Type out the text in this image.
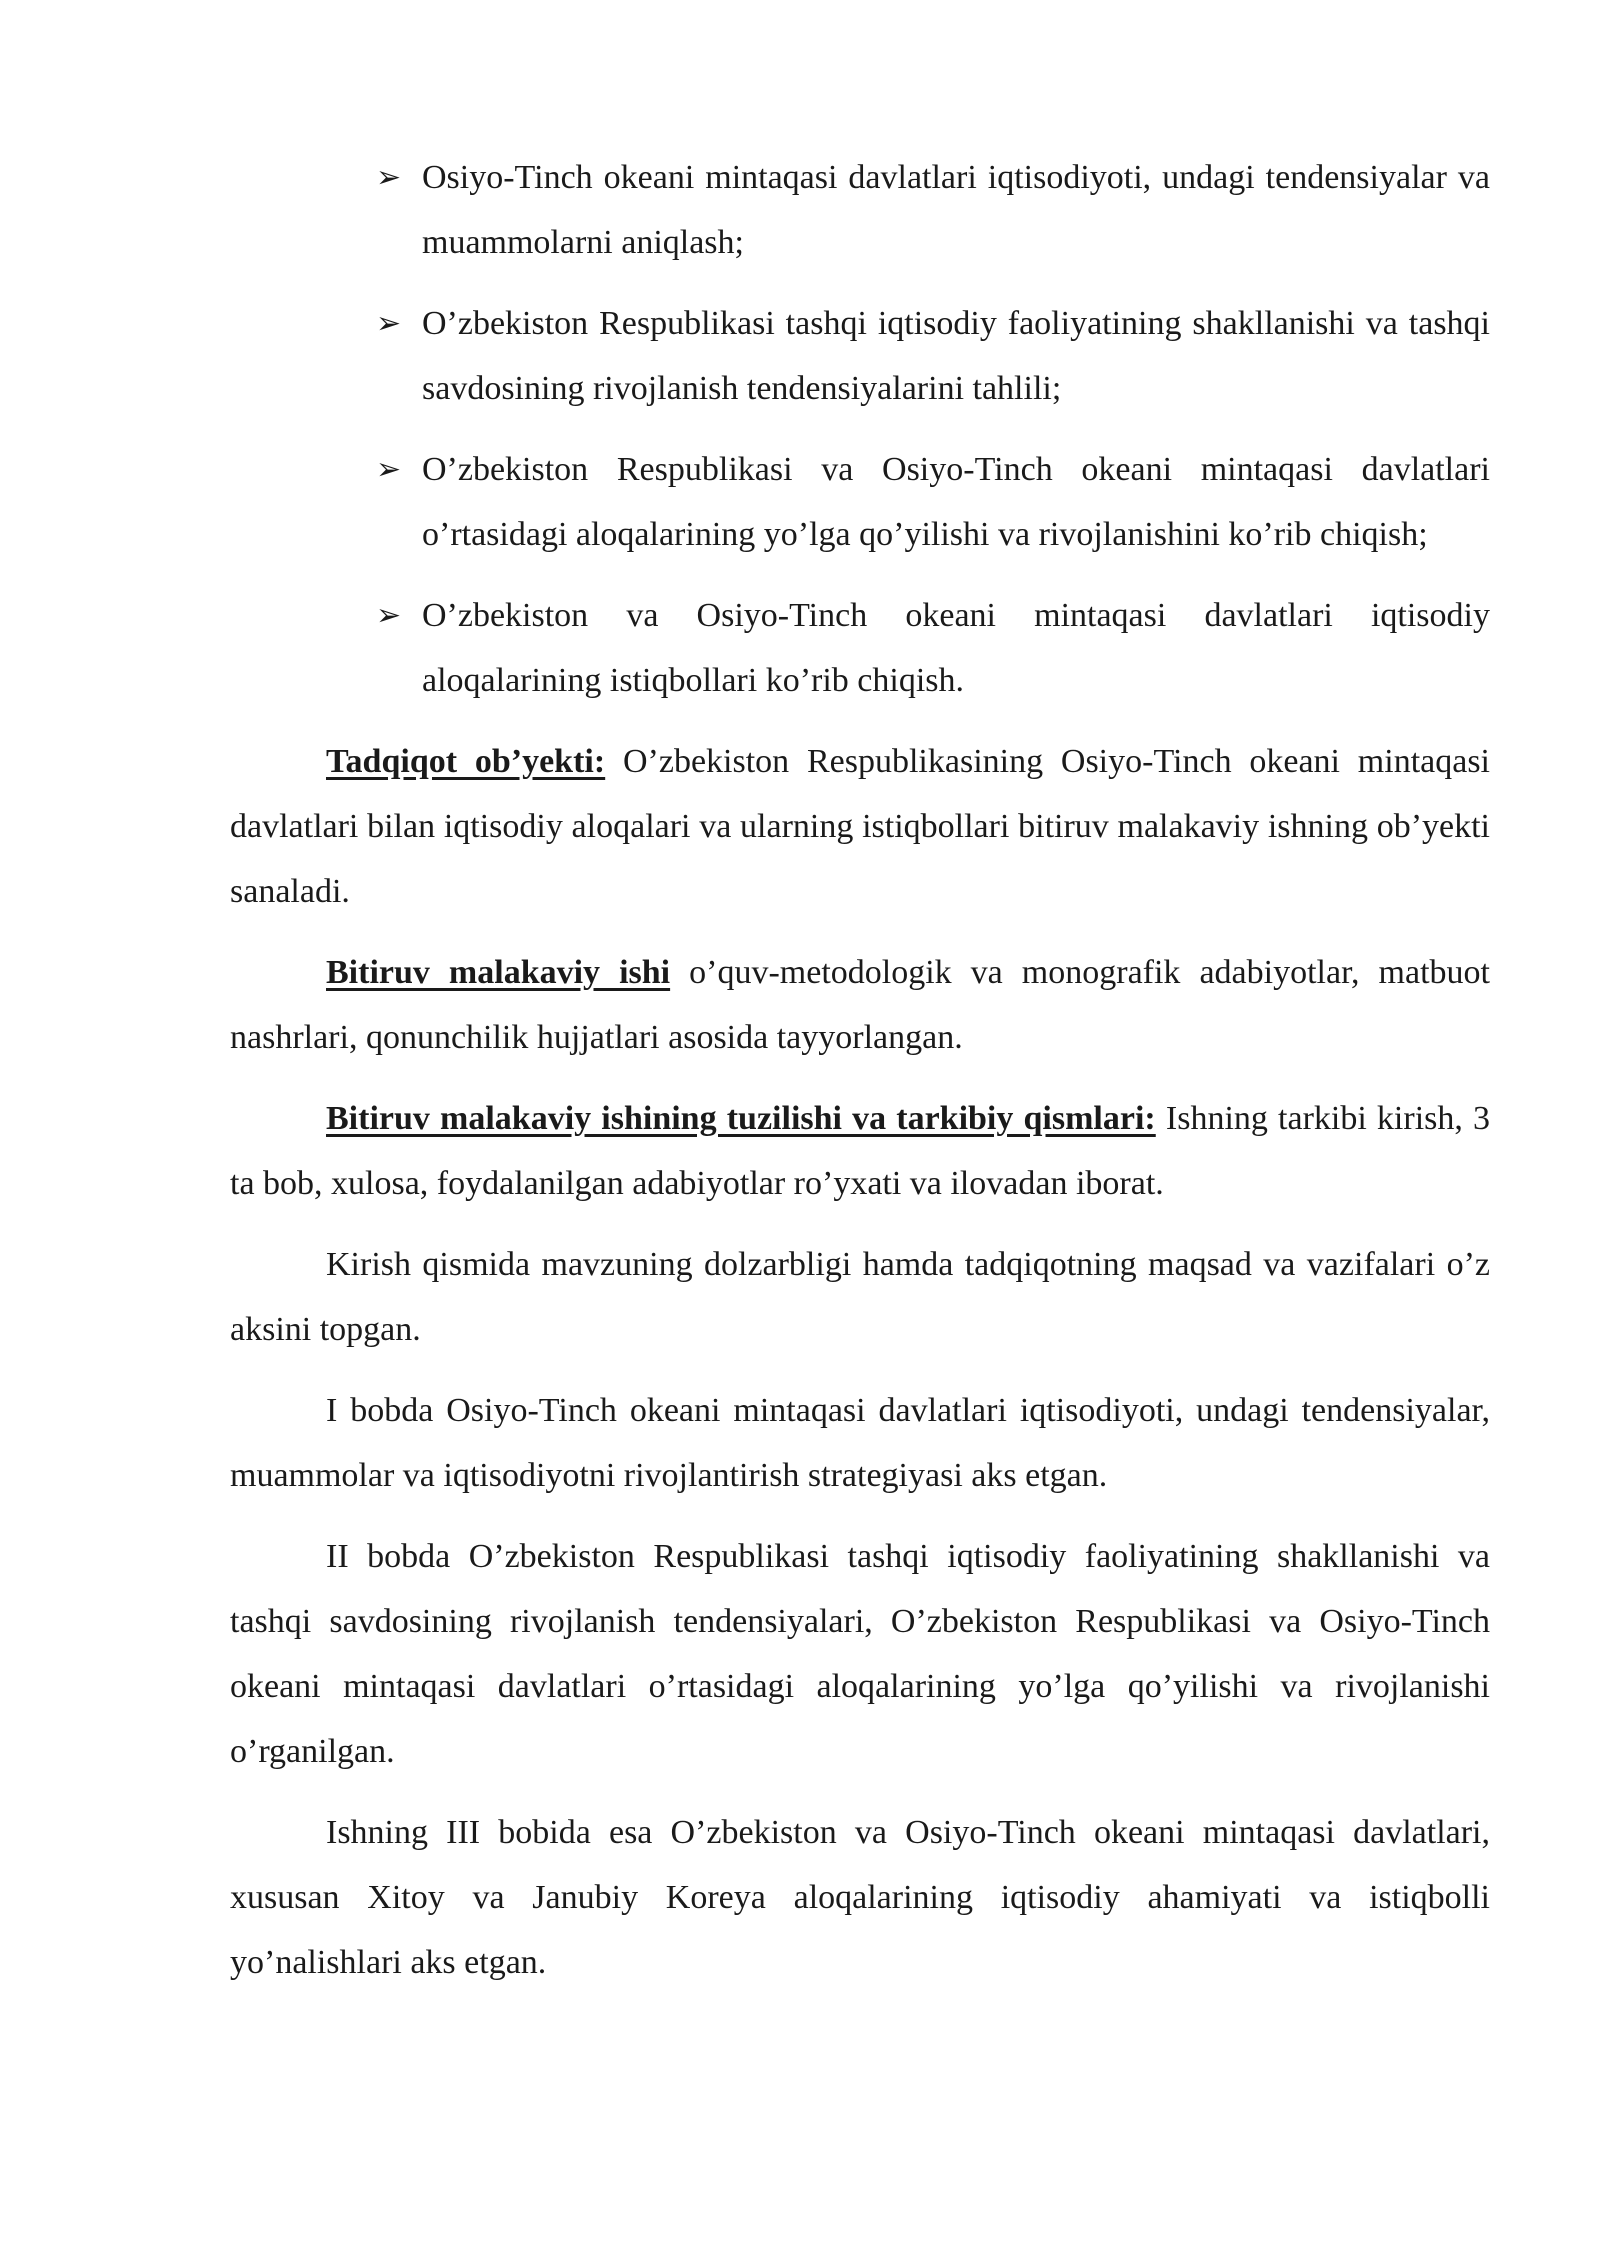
➢ Osiyo-Tinch okeani mintaqasi davlatlari iqtisodiyoti, undagi tendensiyalar va muammolarni aniqlash;
➢ O’zbekiston Respublikasi tashqi iqtisodiy faoliyatining shakllanishi va tashqi savdosining rivojlanish tendensiyalarini tahlili;
➢ O’zbekiston Respublikasi va Osiyo-Tinch okeani mintaqasi davlatlari o’rtasidagi aloqalarining yo’lga qo’yilishi va rivojlanishini ko’rib chiqish;
➢ O’zbekiston va Osiyo-Tinch okeani mintaqasi davlatlari iqtisodiy aloqalarining istiqbollari ko’rib chiqish.

Tadqiqot ob’yekti: O’zbekiston Respublikasining Osiyo-Tinch okeani mintaqasi davlatlari bilan iqtisodiy aloqalari va ularning istiqbollari bitiruv malakaviy ishning ob’yekti sanaladi.

Bitiruv malakaviy ishi o’quv-metodologik va monografik adabiyotlar, matbuot nashrlari, qonunchilik hujjatlari asosida tayyorlangan.

Bitiruv malakaviy ishining tuzilishi va tarkibiy qismlari: Ishning tarkibi kirish, 3 ta bob, xulosa, foydalanilgan adabiyotlar ro’yxati va ilovadan iborat.

Kirish qismida mavzuning dolzarbligi hamda tadqiqotning maqsad va vazifalari o’z aksini topgan.

I bobda Osiyo-Tinch okeani mintaqasi davlatlari iqtisodiyoti, undagi tendensiyalar, muammolar va iqtisodiyotni rivojlantirish strategiyasi aks etgan.

II bobda O’zbekiston Respublikasi tashqi iqtisodiy faoliyatining shakllanishi va tashqi savdosining rivojlanish tendensiyalari, O’zbekiston Respublikasi va Osiyo-Tinch okeani mintaqasi davlatlari o’rtasidagi aloqalarining yo’lga qo’yilishi va rivojlanishi o’rganilgan.

Ishning III bobida esa O’zbekiston va Osiyo-Tinch okeani mintaqasi davlatlari, xususan Xitoy va Janubiy Koreya aloqalarining iqtisodiy ahamiyati va istiqbolli yo’nalishlari aks etgan.
